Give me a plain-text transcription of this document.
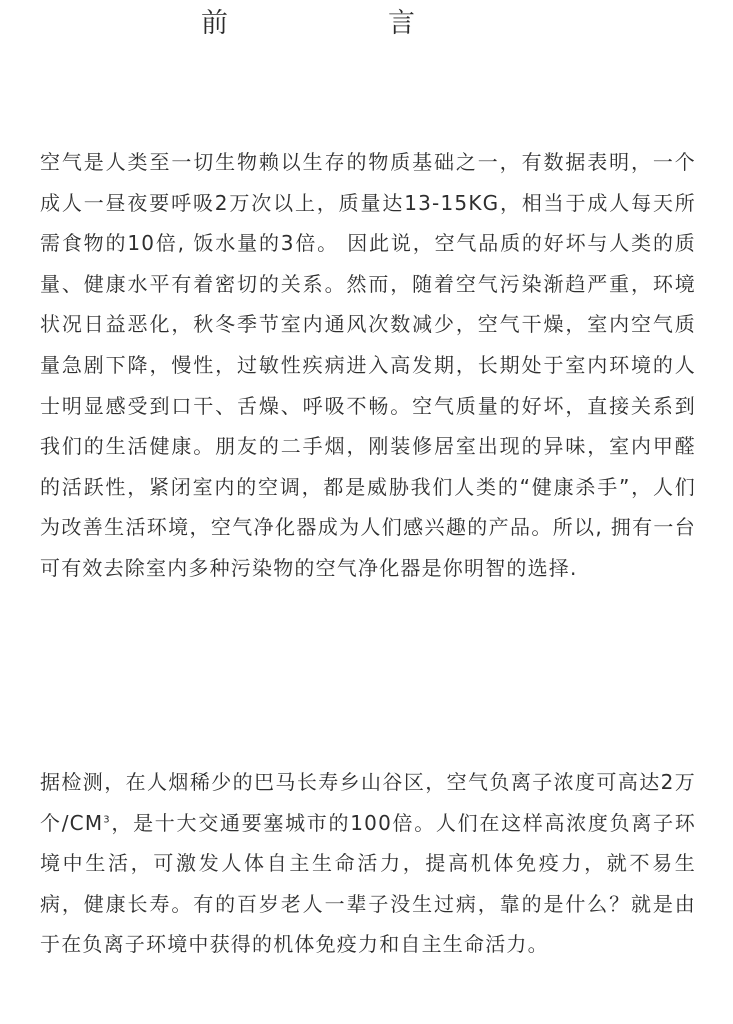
前	言

空气是人类至一切生物赖以生存的物质基础之一，有数据表明，一个成人一昼夜要呼吸2万次以上，质量达13-15KG，相当于成人每天所需食物的10倍, 饭水量的3倍。 因此说，空气品质的好坏与人类的质量、健康水平有着密切的关系。然而，随着空气污染渐趋严重，环境状况日益恶化，秋冬季节室内通风次数减少，空气干燥，室内空气质量急剧下降，慢性，过敏性疾病进入高发期，长期处于室内环境的人士明显感受到口干、舌燥、呼吸不畅。空气质量的好坏，直接关系到我们的生活健康。朋友的二手烟，刚装修居室出现的异味，室内甲醛的活跃性，紧闭室内的空调，都是威胁我们人类的“健康杀手”，人们为改善生活环境，空气净化器成为人们感兴趣的产品。所以, 拥有一台可有效去除室内多种污染物的空气净化器是你明智的选择.

据检测，在人烟稀少的巴马长寿乡山谷区，空气负离子浓度可高达2万个$/CM^3$，是十大交通要塞城市的100倍。人们在这样高浓度负离子环境中生活，可激发人体自主生命活力，提高机体免疫力，就不易生病，健康长寿。有的百岁老人一辈子没生过病，靠的是什么？就是由于在负离子环境中获得的机体免疫力和自主生命活力。
